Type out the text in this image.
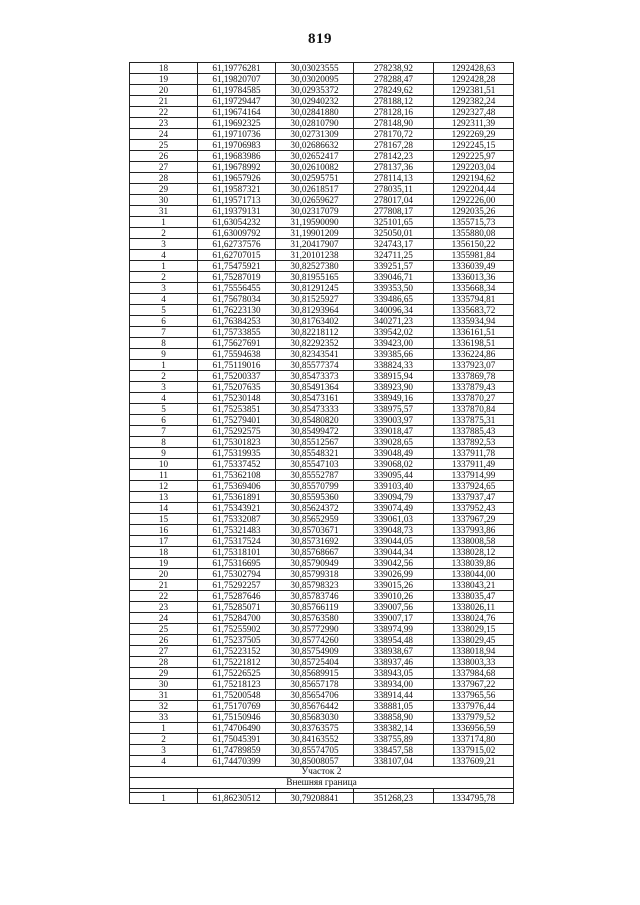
819
18	61,19776281	30,03023555	278238,92	1292428,63
19	61,19820707	30,03020095	278288,47	1292428,28
20	61,19784585	30,02935372	278249,62	1292381,51
21	61,19729447	30,02940232	278188,12	1292382,24
22	61,19674164	30,02841880	278128,16	1292327,48
23	61,19692325	30,02810790	278148,90	1292311,39
24	61,19710736	30,02731309	278170,72	1292269,29
25	61,19706983	30,02686632	278167,28	1292245,15
26	61,19683986	30,02652417	278142,23	1292225,97
27	61,19678992	30,02610082	278137,36	1292203,04
28	61,19657926	30,02595751	278114,13	1292194,62
29	61,19587321	30,02618517	278035,11	1292204,44
30	61,19571713	30,02659627	278017,04	1292226,00
31	61,19379131	30,02317079	277808,17	1292035,26
1	61,63054232	31,19590090	325101,65	1355715,73
2	61,63009792	31,19901209	325050,01	1355880,08
3	61,62737576	31,20417907	324743,17	1356150,22
4	61,62707015	31,20101238	324711,25	1355981,84
1	61,75475921	30,82527380	339251,57	1336039,49
2	61,75287019	30,81955165	339046,71	1336013,36
3	61,75556455	30,81291245	339353,50	1335668,34
4	61,75678034	30,81525927	339486,65	1335794,81
5	61,76223130	30,81293964	340096,34	1335683,72
6	61,76384253	30,81763402	340271,23	1335934,94
7	61,75733855	30,82218112	339542,02	1336161,51
8	61,75627691	30,82292352	339423,00	1336198,51
9	61,75594638	30,82343541	339385,66	1336224,86
1	61,75119016	30,85577374	338824,33	1337923,07
2	61,75200337	30,85473373	338915,94	1337869,78
3	61,75207635	30,85491364	338923,90	1337879,43
4	61,75230148	30,85473161	338949,16	1337870,27
5	61,75253851	30,85473333	338975,57	1337870,84
6	61,75279401	30,85480820	339003,97	1337875,31
7	61,75292575	30,85499472	339018,47	1337885,43
8	61,75301823	30,85512567	339028,65	1337892,53
9	61,75319935	30,85548321	339048,49	1337911,78
10	61,75337452	30,85547103	339068,02	1337911,49
11	61,75362108	30,85552787	339095,44	1337914,99
12	61,75369406	30,85570799	339103,40	1337924,65
13	61,75361891	30,85595360	339094,79	1337937,47
14	61,75343921	30,85624372	339074,49	1337952,43
15	61,75332087	30,85652959	339061,03	1337967,29
16	61,75321483	30,85703671	339048,73	1337993,86
17	61,75317524	30,85731692	339044,05	1338008,58
18	61,75318101	30,85768667	339044,34	1338028,12
19	61,75316695	30,85790949	339042,56	1338039,86
20	61,75302794	30,85799318	339026,99	1338044,00
21	61,75292257	30,85798323	339015,26	1338043,21
22	61,75287646	30,85783746	339010,26	1338035,47
23	61,75285071	30,85766119	339007,56	1338026,11
24	61,75284700	30,85763580	339007,17	1338024,76
25	61,75255902	30,85772990	338974,99	1338029,15
26	61,75237505	30,85774260	338954,48	1338029,45
27	61,75223152	30,85754909	338938,67	1338018,94
28	61,75221812	30,85725404	338937,46	1338003,33
29	61,75226525	30,85689915	338943,05	1337984,68
30	61,75218123	30,85657178	338934,00	1337967,22
31	61,75200548	30,85654706	338914,44	1337965,56
32	61,75170769	30,85676442	338881,05	1337976,44
33	61,75150946	30,85683030	338858,90	1337979,52
1	61,74706490	30,83763575	338382,14	1336956,59
2	61,75045391	30,84163552	338755,89	1337174,80
3	61,74789859	30,85574705	338457,58	1337915,02
4	61,74470399	30,85008057	338107,04	1337609,21
Участок 2				
Внешняя граница				

1	61,86230512	30,79208841	351268,23	1334795,78
